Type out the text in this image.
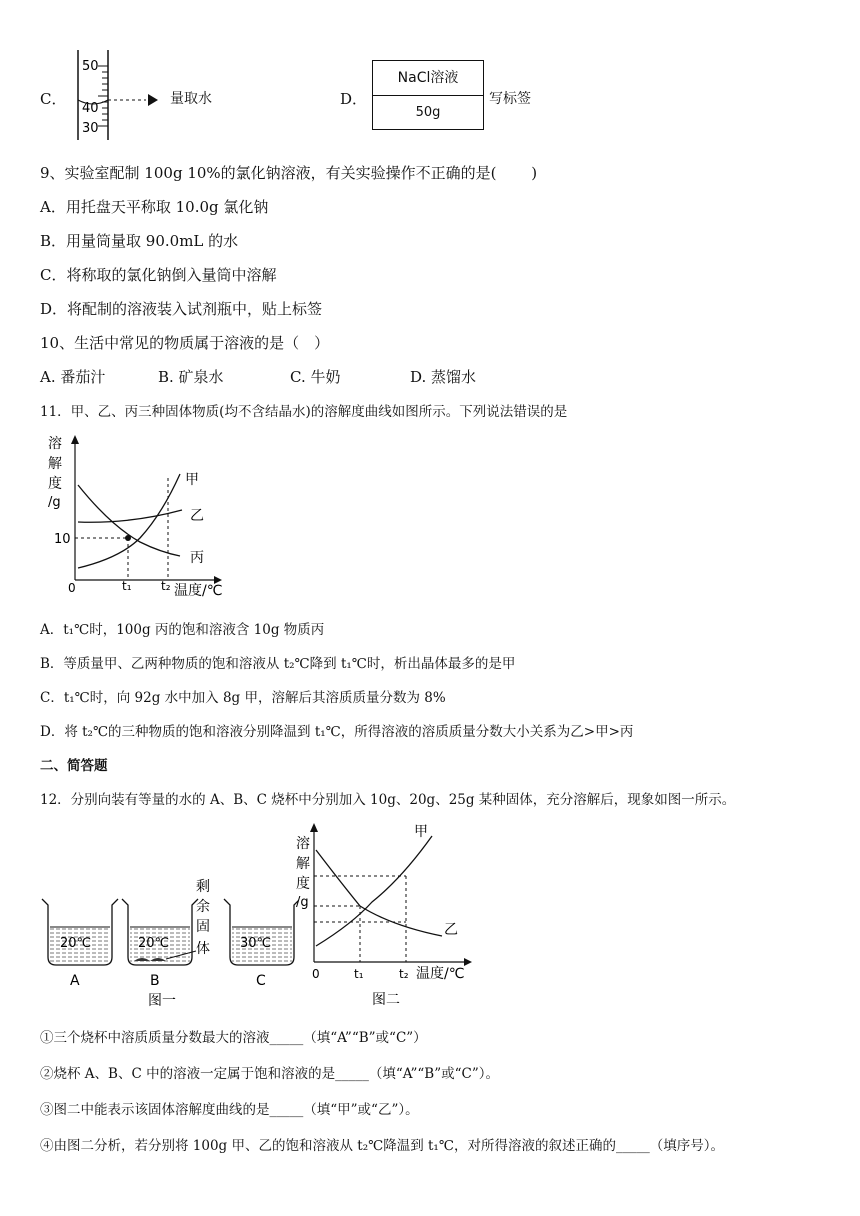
C．
50
40
30
量取水	D．
NaCl溶液
50g
写标签
9、实验室配制 100g 10%的氯化钠溶液，有关实验操作不正确的是(　　 )
A．用托盘天平称取 10.0g 氯化钠
B．用量筒量取 90.0mL 的水
C．将称取的氯化钠倒入量筒中溶解
D．将配制的溶液装入试剂瓶中，贴上标签
10、生活中常见的物质属于溶液的是（　）
A. 番茄汁	B. 矿泉水	C. 牛奶	D. 蒸馏水
11．甲、乙、丙三种固体物质(均不含结晶水)的溶解度曲线如图所示。下列说法错误的是
溶
解
度
/g
10
0	t₁ t₂ 温度/℃
甲
乙
丙
A．t₁℃时，100g 丙的饱和溶液含 10g 物质丙
B．等质量甲、乙两种物质的饱和溶液从 t₂℃降到 t₁℃时，析出晶体最多的是甲
C．t₁℃时，向 92g 水中加入 8g 甲，溶解后其溶质质量分数为 8%
D．将 t₂℃的三种物质的饱和溶液分别降温到 t₁℃，所得溶液的溶质质量分数大小关系为乙>甲>丙
二、简答题
12．分别向装有等量的水的 A、B、C 烧杯中分别加入 10g、20g、25g 某种固体，充分溶解后，现象如图一所示。
20℃
A
20℃
B
剩
余
固
体 30℃
C
图一
溶
解
度
/g
0	t₁	t₂ 温度/℃
甲
乙
图二
①三个烧杯中溶质质量分数最大的溶液_____（填“A”“B”或“C”）
②烧杯 A、B、C 中的溶液一定属于饱和溶液的是_____（填“A”“B”或“C”）。
③图二中能表示该固体溶解度曲线的是_____（填“甲”或“乙”）。
④由图二分析，若分别将 100g 甲、乙的饱和溶液从 t₂℃降温到 t₁℃，对所得溶液的叙述正确的_____（填序号）。
